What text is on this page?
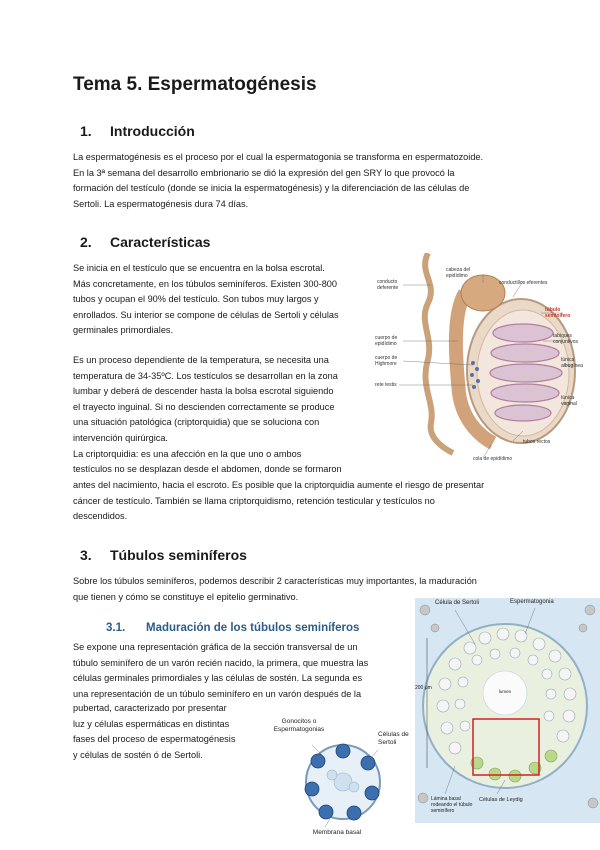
Tema 5. Espermatogénesis
1. Introducción
La espermatogénesis es el proceso por el cual la espermatogonia se transforma en espermatozoide.
En la 3ª semana del desarrollo embrionario se dió la expresión del gen SRY lo que provocó la
formación del testículo (donde se inicia la espermatogénesis) y la diferenciación de las células de
Sertoli. La espermatogénesis dura 74 días.
2. Características
Se inicia en el testículo que se encuentra en la bolsa escrotal.
Más concretamente, en los túbulos seminíferos. Existen 300-800
tubos y ocupan el 90% del testículo. Son tubos muy largos y
enrollados. Su interior se compone de células de Sertoli y células
germinales primordiales.
Es un proceso dependiente de la temperatura, se necesita una
temperatura de 34-35ºC. Los testículos se desarrollan en la zona
lumbar y deberá de descender hasta la bolsa escrotal siguiendo
el trayecto inguinal. Si no descienden correctamente se produce
una situación patológica (criptorquidia) que se soluciona con
intervención quirúrgica.
La criptorquidia: es una afección en la que uno o ambos
testículos no se desplazan desde el abdomen, donde se formaron
antes del nacimiento, hacia el escroto. Es posible que la criptorquidia aumente el riesgo de presentar
cáncer de testículo. También se llama criptorquidismo, retención testicular y testículos no
descendidos.
cabeza del epidídimo
conducto deferente
conductillos eferentes
túbulo seminífero
tabiques conjuntivos
túnica albugínea
cuerpo de epidídimo
cuerpo de Highmore
rete testis
túnica vaginal
tubos rectos
cola de epidídimo
3. Túbulos seminíferos
Sobre los túbulos seminíferos, podemos describir 2 características muy importantes, la maduración
que tienen y cómo se constituye el epitelio germinativo.
3.1. Maduración de los túbulos seminíferos
Se expone una representación gráfica de la sección transversal de un
túbulo seminífero de un varón recién nacido, la primera, que muestra las
células germinales primordiales y las células de sostén. La segunda es
una representación de un túbulo seminífero en un varón después de la
pubertad, caracterizado por presentar
luz y células espermáticas en distintas
fases del proceso de espermatogénesis
y células de sostén ó de Sertoli.
Gonocitos o Espermatogonias
Células de Sertoli
Membrana basal
Célula de Sertoli	Espermatogonia
200 µm
lumen
Lámina basal rodeando el túbulo seminífero
Células de Leydig
